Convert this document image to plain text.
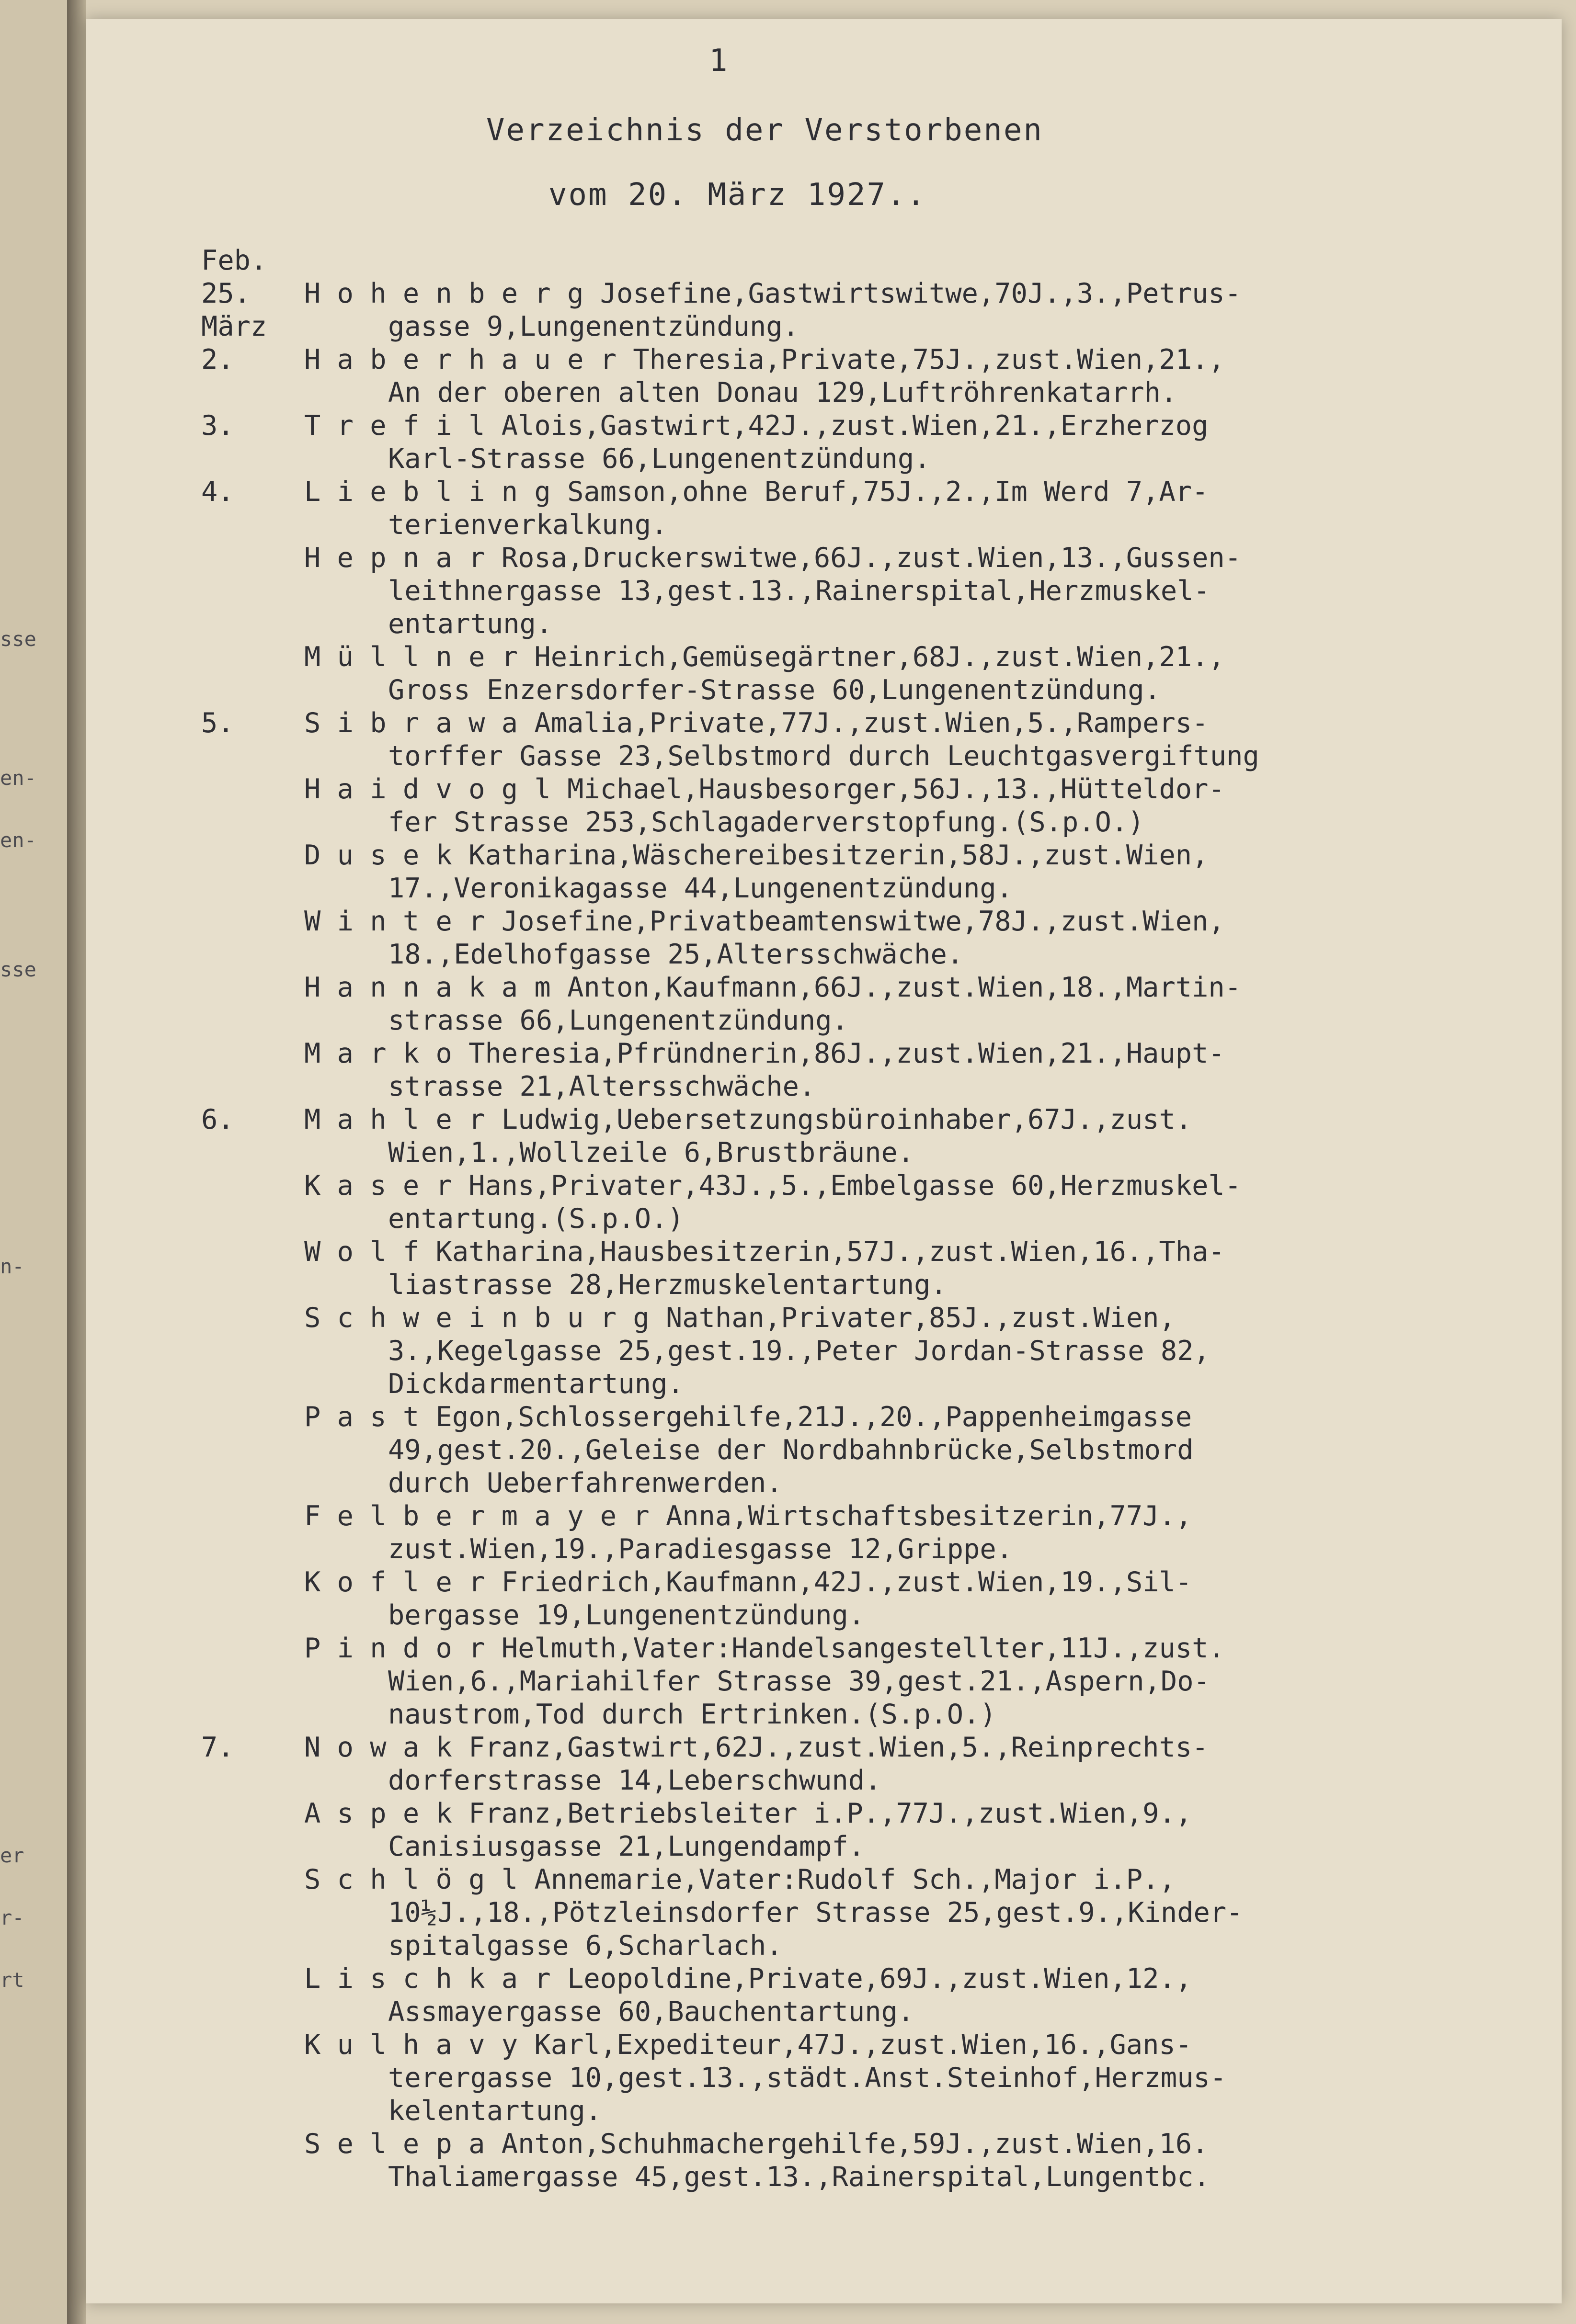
sse
en-
en-
sse
n-
er
r-
rt
1
Verzeichnis der Verstorbenen
vom 20. März 1927..
Feb.
25.	H o h e n b e r g Josefine,Gastwirtswitwe,70J.,3.,Petrus-
März	gasse 9,Lungenentzündung.
2.	H a b e r h a u e r Theresia,Private,75J.,zust.Wien,21.,
An der oberen alten Donau 129,Luftröhrenkatarrh.
3.	T r e f i l Alois,Gastwirt,42J.,zust.Wien,21.,Erzherzog
Karl-Strasse 66,Lungenentzündung.
4.	L i e b l i n g Samson,ohne Beruf,75J.,2.,Im Werd 7,Ar-
terienverkalkung.
H e p n a r Rosa,Druckerswitwe,66J.,zust.Wien,13.,Gussen-
leithnergasse 13,gest.13.,Rainerspital,Herzmuskel-
entartung.
M ü l l n e r Heinrich,Gemüsegärtner,68J.,zust.Wien,21.,
Gross Enzersdorfer-Strasse 60,Lungenentzündung.
5.	S i b r a w a Amalia,Private,77J.,zust.Wien,5.,Rampers-
torffer Gasse 23,Selbstmord durch Leuchtgasvergiftung
H a i d v o g l Michael,Hausbesorger,56J.,13.,Hütteldor-
fer Strasse 253,Schlagaderverstopfung.(S.p.O.)
D u s e k Katharina,Wäschereibesitzerin,58J.,zust.Wien,
17.,Veronikagasse 44,Lungenentzündung.
W i n t e r Josefine,Privatbeamtenswitwe,78J.,zust.Wien,
18.,Edelhofgasse 25,Altersschwäche.
H a n n a k a m Anton,Kaufmann,66J.,zust.Wien,18.,Martin-
strasse 66,Lungenentzündung.
M a r k o Theresia,Pfründnerin,86J.,zust.Wien,21.,Haupt-
strasse 21,Altersschwäche.
6.	M a h l e r Ludwig,Uebersetzungsbüroinhaber,67J.,zust.
Wien,1.,Wollzeile 6,Brustbräune.
K a s e r Hans,Privater,43J.,5.,Embelgasse 60,Herzmuskel-
entartung.(S.p.O.)
W o l f Katharina,Hausbesitzerin,57J.,zust.Wien,16.,Tha-
liastrasse 28,Herzmuskelentartung.
S c h w e i n b u r g Nathan,Privater,85J.,zust.Wien,
3.,Kegelgasse 25,gest.19.,Peter Jordan-Strasse 82,
Dickdarmentartung.
P a s t Egon,Schlossergehilfe,21J.,20.,Pappenheimgasse
49,gest.20.,Geleise der Nordbahnbrücke,Selbstmord
durch Ueberfahrenwerden.
F e l b e r m a y e r Anna,Wirtschaftsbesitzerin,77J.,
zust.Wien,19.,Paradiesgasse 12,Grippe.
K o f l e r Friedrich,Kaufmann,42J.,zust.Wien,19.,Sil-
bergasse 19,Lungenentzündung.
P i n d o r Helmuth,Vater:Handelsangestellter,11J.,zust.
Wien,6.,Mariahilfer Strasse 39,gest.21.,Aspern,Do-
naustrom,Tod durch Ertrinken.(S.p.O.)
7.	N o w a k Franz,Gastwirt,62J.,zust.Wien,5.,Reinprechts-
dorferstrasse 14,Leberschwund.
A s p e k Franz,Betriebsleiter i.P.,77J.,zust.Wien,9.,
Canisiusgasse 21,Lungendampf.
S c h l ö g l Annemarie,Vater:Rudolf Sch.,Major i.P.,
10½J.,18.,Pötzleinsdorfer Strasse 25,gest.9.,Kinder-
spitalgasse 6,Scharlach.
L i s c h k a r Leopoldine,Private,69J.,zust.Wien,12.,
Assmayergasse 60,Bauchentartung.
K u l h a v y Karl,Expediteur,47J.,zust.Wien,16.,Gans-
terergasse 10,gest.13.,städt.Anst.Steinhof,Herzmus-
kelentartung.
S e l e p a Anton,Schuhmachergehilfe,59J.,zust.Wien,16.
Thaliamergasse 45,gest.13.,Rainerspital,Lungentbc.
